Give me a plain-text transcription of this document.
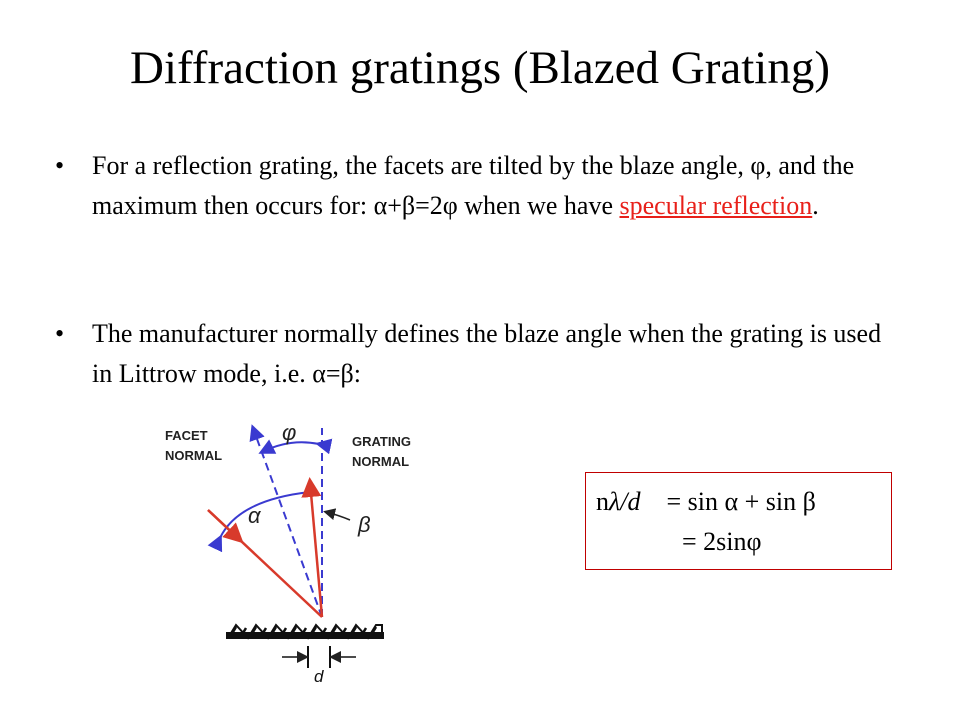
Diffraction gratings (Blazed Grating)
• For a reflection grating, the facets are tilted by the blaze angle, φ, and the maximum then occurs for: α+β=2φ when we have specular reflection.
• The manufacturer normally defines the blaze angle when the grating is used in Littrow mode, i.e. α=β:
FACET
NORMAL
GRATING
NORMAL
φ
α	β
d
nλ/d = sin α + sin β
= 2sinφ
